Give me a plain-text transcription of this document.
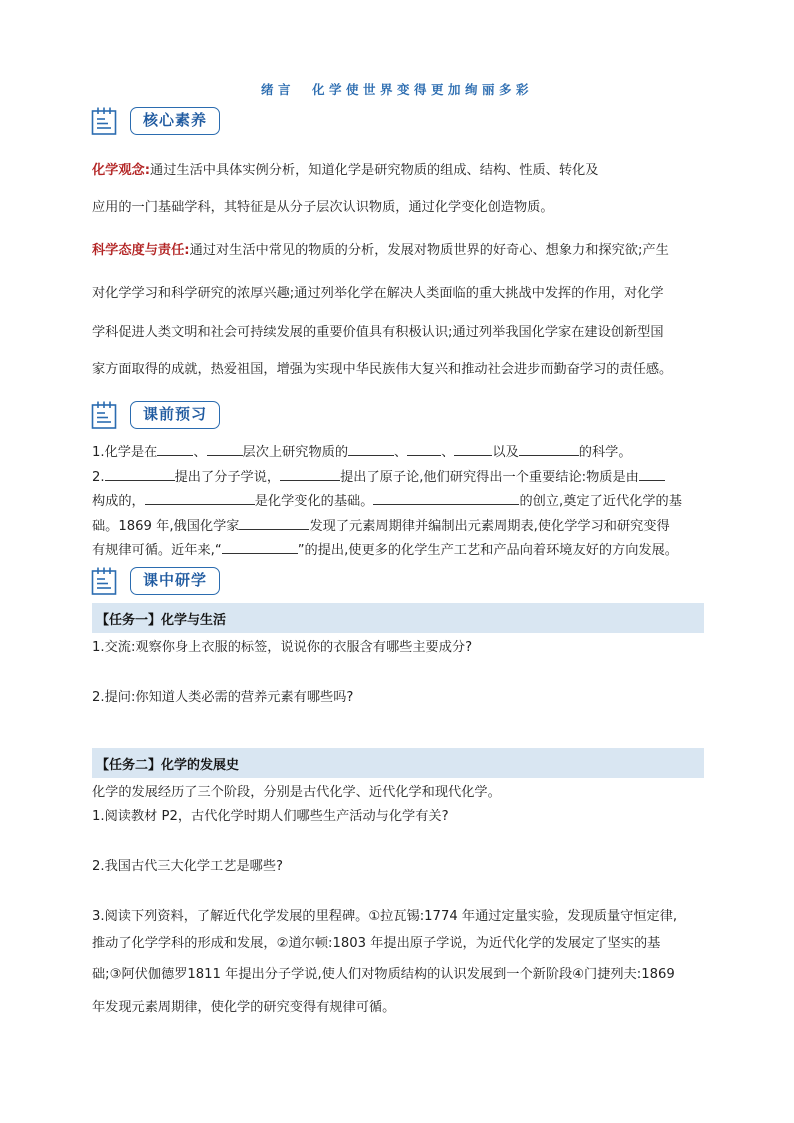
绪言　化学使世界变得更加绚丽多彩
核心素养
化学观念:通过生活中具体实例分析，知道化学是研究物质的组成、结构、性质、转化及
应用的一门基础学科，其特征是从分子层次认识物质，通过化学变化创造物质。
科学态度与责任:通过对生活中常见的物质的分析，发展对物质世界的好奇心、想象力和探究欲;产生
对化学学习和科学研究的浓厚兴趣;通过列举化学在解决人类面临的重大挑战中发挥的作用，对化学
学科促进人类文明和社会可持续发展的重要价值具有积极认识;通过列举我国化学家在建设创新型国
家方面取得的成就，热爱祖国，增强为实现中华民族伟大复兴和推动社会进步而勤奋学习的责任感。
课前预习
1.化学是在	、	层次上研究物质的	、	、	以及	的科学。
2.	提出了分子学说，	提出了原子论,他们研究得出一个重要结论:物质是由
构成的，	是化学变化的基础。	的创立,奠定了近代化学的基
础。1869 年,俄国化学家	发现了元素周期律并编制出元素周期表,使化学学习和研究变得
有规律可循。近年来,“	”的提出,使更多的化学生产工艺和产品向着环境友好的方向发展。
课中研学
【任务一】化学与生活
1.交流:观察你身上衣服的标签，说说你的衣服含有哪些主要成分?
2.提问:你知道人类必需的营养元素有哪些吗?
【任务二】化学的发展史
化学的发展经历了三个阶段，分别是古代化学、近代化学和现代化学。
1.阅读教材 P2，古代化学时期人们哪些生产活动与化学有关?
2.我国古代三大化学工艺是哪些?
3.阅读下列资料，了解近代化学发展的里程碑。①拉瓦锡:1774 年通过定量实验，发现质量守恒定律,
推动了化学学科的形成和发展，②道尔顿:1803 年提出原子学说，为近代化学的发展定了坚实的基
础;③阿伏伽德罗1811 年提出分子学说,使人们对物质结构的认识发展到一个新阶段④门捷列夫:1869
年发现元素周期律，使化学的研究变得有规律可循。
